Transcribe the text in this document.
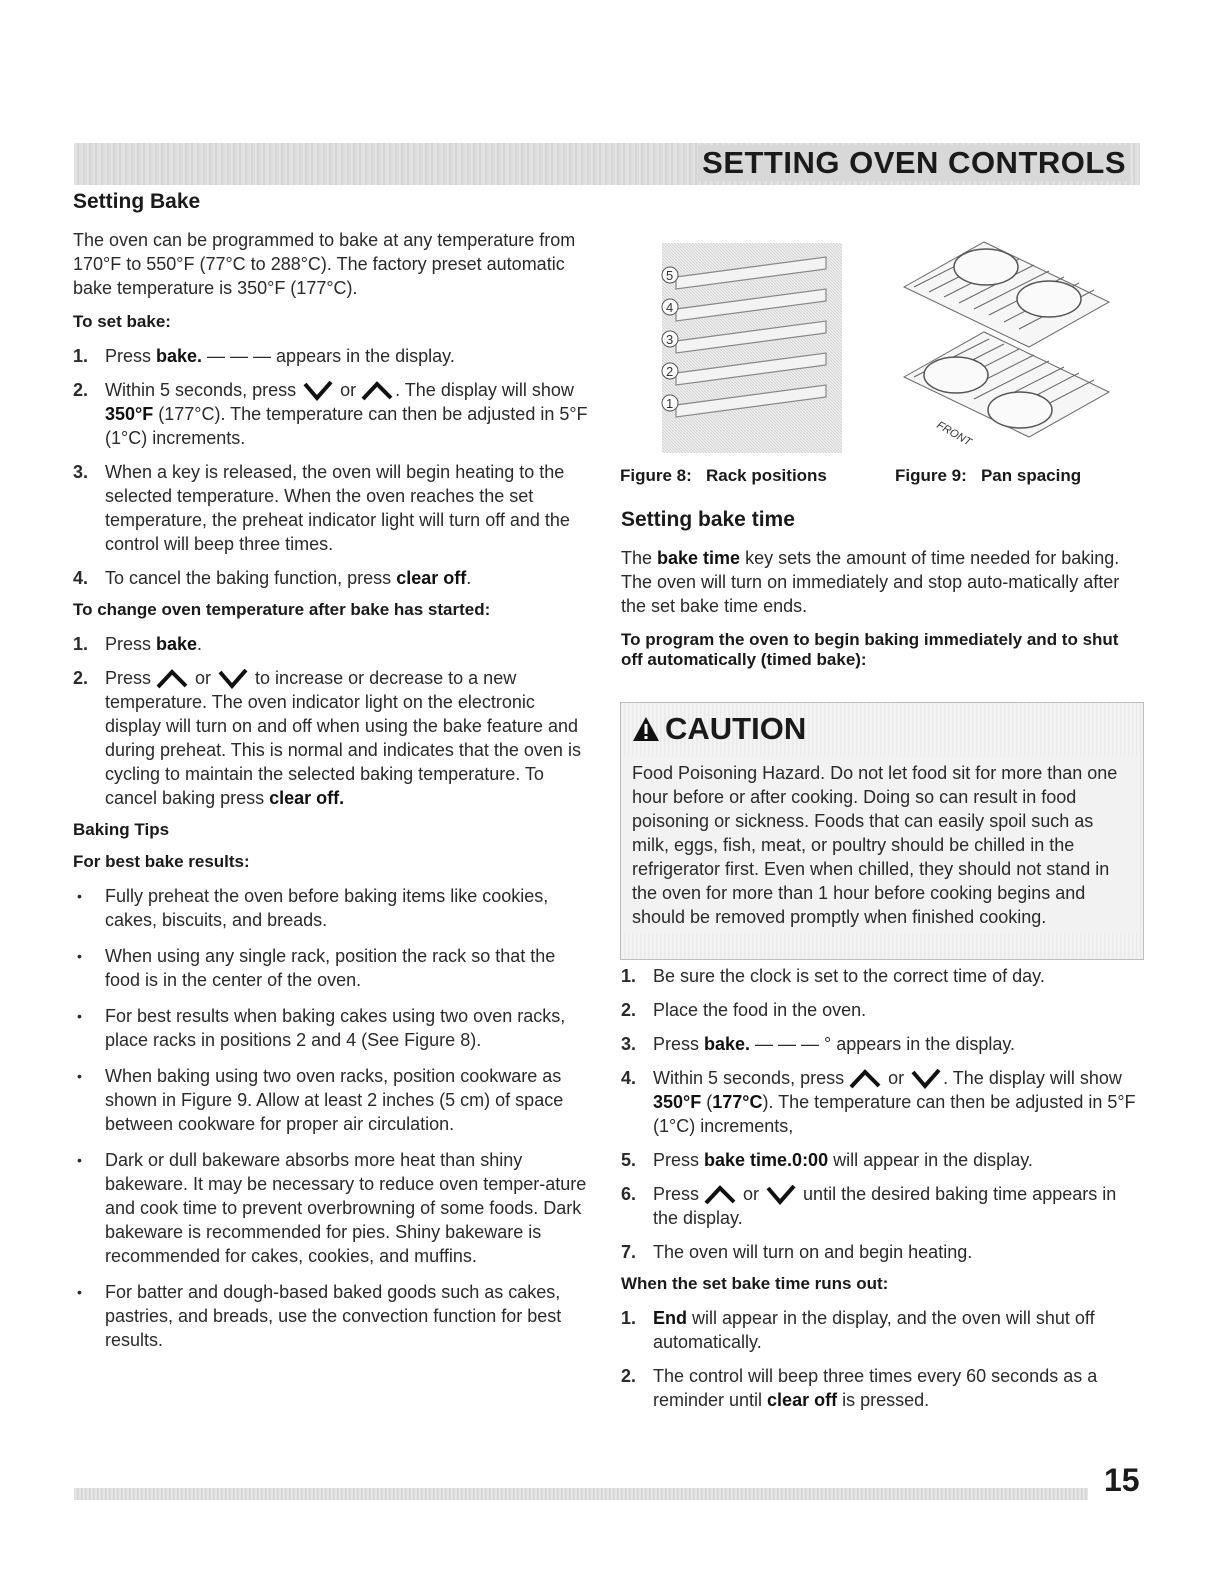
SETTING OVEN CONTROLS
Setting Bake

The oven can be programmed to bake at any temperature from 170°F to 550°F (77°C to 288°C). The factory preset automatic bake temperature is 350°F (177°C).

To set bake:
1. Press bake. — — — appears in the display.
2. Within 5 seconds, press  or . The display will show 350°F (177°C). The temperature can then be adjusted in 5°F (1°C) increments.
3. When a key is released, the oven will begin heating to the selected temperature. When the oven reaches the set temperature, the preheat indicator light will turn off and the control will beep three times.
4. To cancel the baking function, press clear off.
To change oven temperature after bake has started:
1. Press bake.
2. Press  or  to increase or decrease to a new temperature. The oven indicator light on the electronic display will turn on and off when using the bake feature and during preheat. This is normal and indicates that the oven is cycling to maintain the selected baking temperature. To cancel baking press clear off.
Baking Tips
For best bake results:
• Fully preheat the oven before baking items like cookies, cakes, biscuits, and breads.
• When using any single rack, position the rack so that the food is in the center of the oven.
• For best results when baking cakes using two oven racks, place racks in positions 2 and 4 (See Figure 8).
• When baking using two oven racks, position cookware as shown in Figure 9. Allow at least 2 inches (5 cm) of space between cookware for proper air circulation.
• Dark or dull bakeware absorbs more heat than shiny bakeware. It may be necessary to reduce oven temper-ature and cook time to prevent overbrowning of some foods. Dark bakeware is recommended for pies. Shiny bakeware is recommended for cakes, cookies, and muffins.
• For batter and dough-based baked goods such as cakes, pastries, and breads, use the convection function for best results.
5
4
3
2
1
FRONT
Figure 8: Rack positions	Figure 9: Pan spacing
Setting bake time

The bake time key sets the amount of time needed for baking. The oven will turn on immediately and stop auto-matically after the set bake time ends.

To program the oven to begin baking immediately and to shut off automatically (timed bake):
CAUTION
Food Poisoning Hazard. Do not let food sit for more than one hour before or after cooking. Doing so can result in food poisoning or sickness. Foods that can easily spoil such as milk, eggs, fish, meat, or poultry should be chilled in the refrigerator first. Even when chilled, they should not stand in the oven for more than 1 hour before cooking begins and should be removed promptly when finished cooking.
1. Be sure the clock is set to the correct time of day.
2. Place the food in the oven.
3. Press bake. — — — ° appears in the display.
4. Within 5 seconds, press  or . The display will show 350°F (177°C). The temperature can then be adjusted in 5°F (1°C) increments,
5. Press bake time.0:00 will appear in the display.
6. Press  or  until the desired baking time appears in the display.
7. The oven will turn on and begin heating.
When the set bake time runs out:
1. End will appear in the display, and the oven will shut off automatically.
2. The control will beep three times every 60 seconds as a reminder until clear off is pressed.
15
